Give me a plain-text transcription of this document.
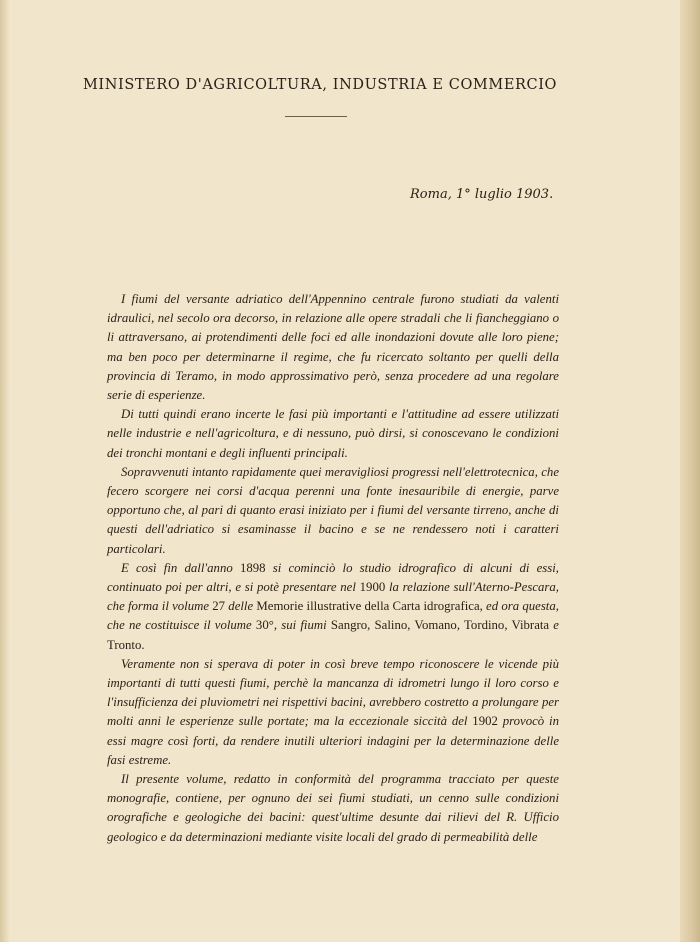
MINISTERO D'AGRICOLTURA, INDUSTRIA E COMMERCIO
Roma, 1° luglio 1903.

I fiumi del versante adriatico dell'Appennino centrale furono studiati da valenti idraulici, nel secolo ora decorso, in relazione alle opere stradali che li fiancheggiano o li attraversano, ai protendimenti delle foci ed alle inondazioni dovute alle loro piene; ma ben poco per determinarne il regime, che fu ricercato soltanto per quelli della provincia di Teramo, in modo approssimativo però, senza procedere ad una regolare serie di esperienze.

Di tutti quindi erano incerte le fasi più importanti e l'attitudine ad essere utilizzati nelle industrie e nell'agricoltura, e di nessuno, può dirsi, si conoscevano le condizioni dei tronchi montani e degli influenti principali.

Sopravvenuti intanto rapidamente quei meravigliosi progressi nell'elettrotecnica, che fecero scorgere nei corsi d'acqua perenni una fonte inesauribile di energie, parve opportuno che, al pari di quanto erasi iniziato per i fiumi del versante tirreno, anche di questi dell'adriatico si esaminasse il bacino e se ne rendessero noti i caratteri particolari.

E così fin dall'anno 1898 si cominciò lo studio idrografico di alcuni di essi, continuato poi per altri, e si potè presentare nel 1900 la relazione sull'Aterno-Pescara, che forma il volume 27 delle Memorie illustrative della Carta idrografica, ed ora questa, che ne costituisce il volume 30°, sui fiumi Sangro, Salino, Vomano, Tordino, Vibrata e Tronto.

Veramente non si sperava di poter in così breve tempo riconoscere le vicende più importanti di tutti questi fiumi, perchè la mancanza di idrometri lungo il loro corso e l'insufficienza dei pluviometri nei rispettivi bacini, avrebbero costretto a prolungare per molti anni le esperienze sulle portate; ma la eccezionale siccità del 1902 provocò in essi magre così forti, da rendere inutili ulteriori indagini per la determinazione delle fasi estreme.

Il presente volume, redatto in conformità del programma tracciato per queste monografie, contiene, per ognuno dei sei fiumi studiati, un cenno sulle condizioni orografiche e geologiche dei bacini: quest'ultime desunte dai rilievi del R. Ufficio geologico e da determinazioni mediante visite locali del grado di permeabilità delle
